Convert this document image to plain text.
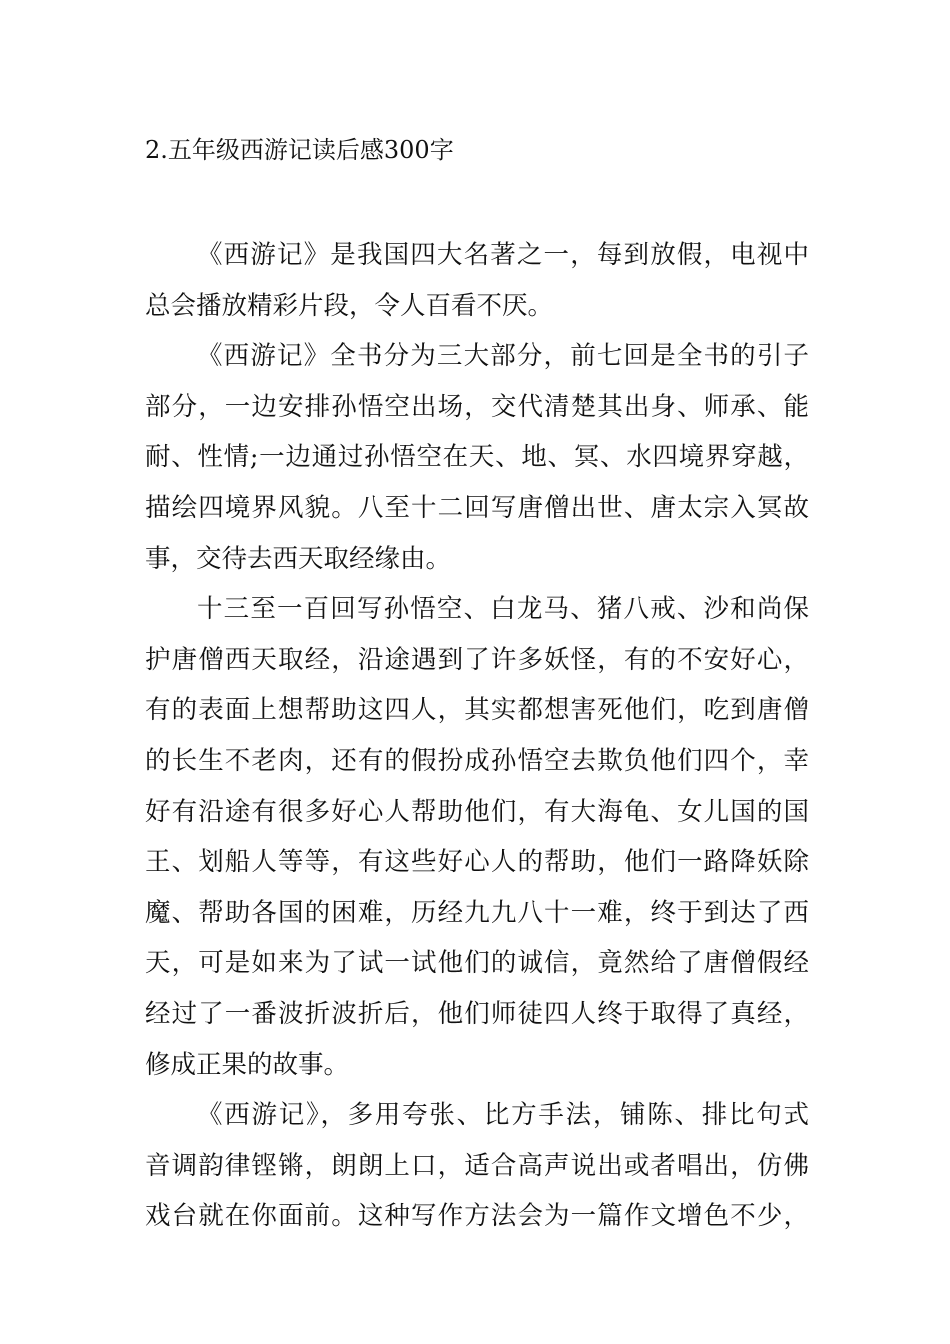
2.五年级西游记读后感300字
《西游记》是我国四大名著之一，每到放假，电视中
总会播放精彩片段，令人百看不厌。
《西游记》全书分为三大部分，前七回是全书的引子
部分，一边安排孙悟空出场，交代清楚其出身、师承、能
耐、性情;一边通过孙悟空在天、地、冥、水四境界穿越，
描绘四境界风貌。八至十二回写唐僧出世、唐太宗入冥故
事，交待去西天取经缘由。
十三至一百回写孙悟空、白龙马、猪八戒、沙和尚保
护唐僧西天取经，沿途遇到了许多妖怪，有的不安好心，
有的表面上想帮助这四人，其实都想害死他们，吃到唐僧
的长生不老肉，还有的假扮成孙悟空去欺负他们四个，幸
好有沿途有很多好心人帮助他们，有大海龟、女儿国的国
王、划船人等等，有这些好心人的帮助，他们一路降妖除
魔、帮助各国的困难，历经九九八十一难，终于到达了西
天，可是如来为了试一试他们的诚信，竟然给了唐僧假经
经过了一番波折波折后，他们师徒四人终于取得了真经，
修成正果的故事。
《西游记》，多用夸张、比方手法，铺陈、排比句式
音调韵律铿锵，朗朗上口，适合高声说出或者唱出，仿佛
戏台就在你面前。这种写作方法会为一篇作文增色不少，
